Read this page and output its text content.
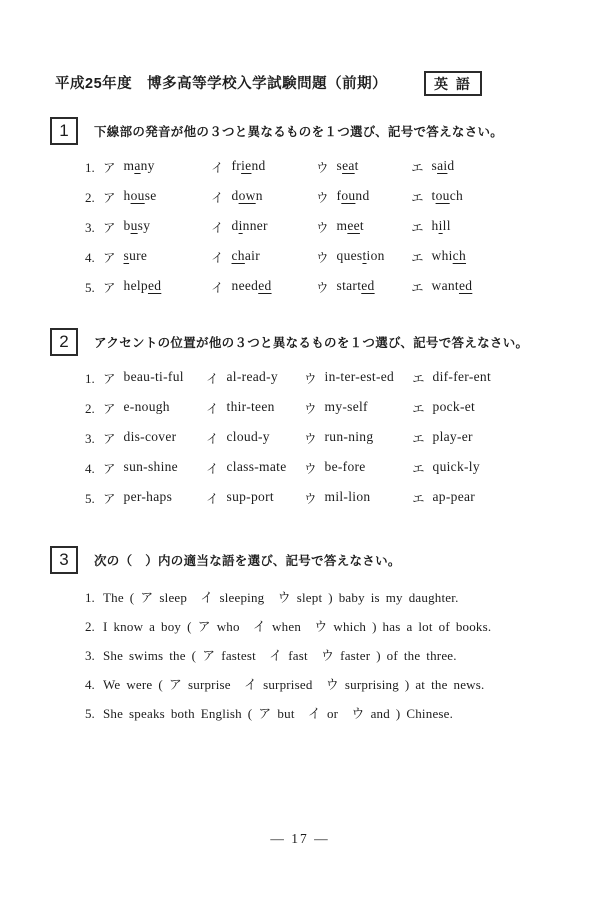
平成25年度　博多高等学校入学試験問題（前期）	英 語
1 下線部の発音が他の３つと異なるものを１つ選び、記号で答えなさい。
1. ア many	イ friend	ウ seat	エ said
2. ア house	イ down	ウ found	エ touch
3. ア busy	イ dinner	ウ meet	エ hill
4. ア sure	イ chair	ウ question エ which
5. ア helped	イ needed	ウ started	エ wanted
2 アクセントの位置が他の３つと異なるものを１つ選び、記号で答えなさい。
1. ア beau-ti-ful イ al-read-y ウ in-ter-est-ed エ dif-fer-ent
2. ア e-nough	イ thir-teen ウ my-self	エ pock-et
3. ア dis-cover イ cloud-y	ウ run-ning	エ play-er
4. ア sun-shine イ class-mate ウ be-fore	エ quick-ly
5. ア per-haps	イ sup-port ウ mil-lion	エ ap-pear
3 次の（　）内の適当な語を選び、記号で答えなさい。
1. The ( ア sleep　イ sleeping　ウ slept ) baby is my daughter.
2. I know a boy ( ア who　イ when　ウ which ) has a lot of books.
3. She swims the ( ア fastest　イ fast　ウ faster ) of the three.
4. We were ( ア surprise　イ surprised　ウ surprising ) at the news.
5. She speaks both English ( ア but　イ or　ウ and ) Chinese.
— 17 —
